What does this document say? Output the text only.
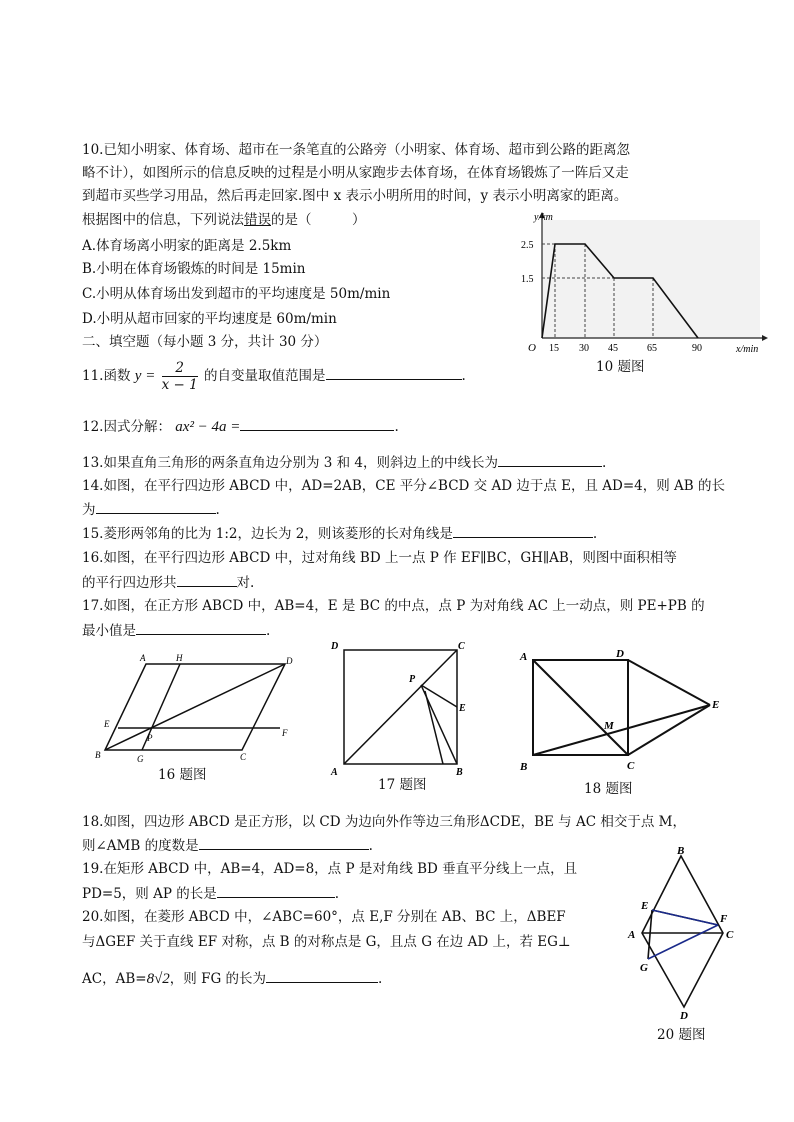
10.已知小明家、体育场、超市在一条笔直的公路旁（小明家、体育场、超市到公路的距离忽
略不计），如图所示的信息反映的过程是小明从家跑步去体育场，在体育场锻炼了一阵后又走
到超市买些学习用品，然后再走回家.图中 x 表示小明所用的时间，y 表示小明离家的距离。
根据图中的信息，下列说法错误的是（　　　）
A.体育场离小明家的距离是 2.5km
B.小明在体育场锻炼的时间是 15min
C.小明从体育场出发到超市的平均速度是 50m/min
D.小明从超市回家的平均速度是 60m/min
y/km
x/min
O
2.5
1.5
15 30 45	65	90
10 题图
二、填空题（每小题 3 分，共计 30 分）
11.函数 $y = \frac{2}{x - 1}$ 的自变量取值范围是	.
12.因式分解： ax² − 4a =	.
13.如果直角三角形的两条直角边分别为 3 和 4，则斜边上的中线长为	.
14.如图，在平行四边形 ABCD 中，AD=2AB，CE 平分∠BCD 交 AD 边于点 E，且 AD=4，则 AB 的长
为	.
15.菱形两邻角的比为 1:2，边长为 2，则该菱形的长对角线是	.
16.如图，在平行四边形 ABCD 中，过对角线 BD 上一点 P 作 EF∥BC，GH∥AB，则图中面积相等
的平行四边形共	对.
17.如图，在正方形 ABCD 中，AB=4，E 是 BC 的中点，点 P 为对角线 AC 上一动点，则 PE+PB 的
最小值是	.
A	H	D
E
P	F
B	G	C
16 题图
D	C
P
E
A	B
17 题图
A	D
E
M
B	C
18 题图
18.如图，四边形 ABCD 是正方形，以 CD 为边向外作等边三角形ΔCDE，BE 与 AC 相交于点 M，
则∠AMB 的度数是	.
19.在矩形 ABCD 中，AB=4，AD=8，点 P 是对角线 BD 垂直平分线上一点，且
PD=5，则 AP 的长是	.
20.如图，在菱形 ABCD 中，∠ABC=60°，点 E,F 分别在 AB、BC 上，ΔBEF
与ΔGEF 关于直线 EF 对称，点 B 的对称点是 G，且点 G 在边 AD 上，若 EG⊥
AC，AB=8√2，则 FG 的长为	.
B
E
F
A	C
G
D
20 题图
